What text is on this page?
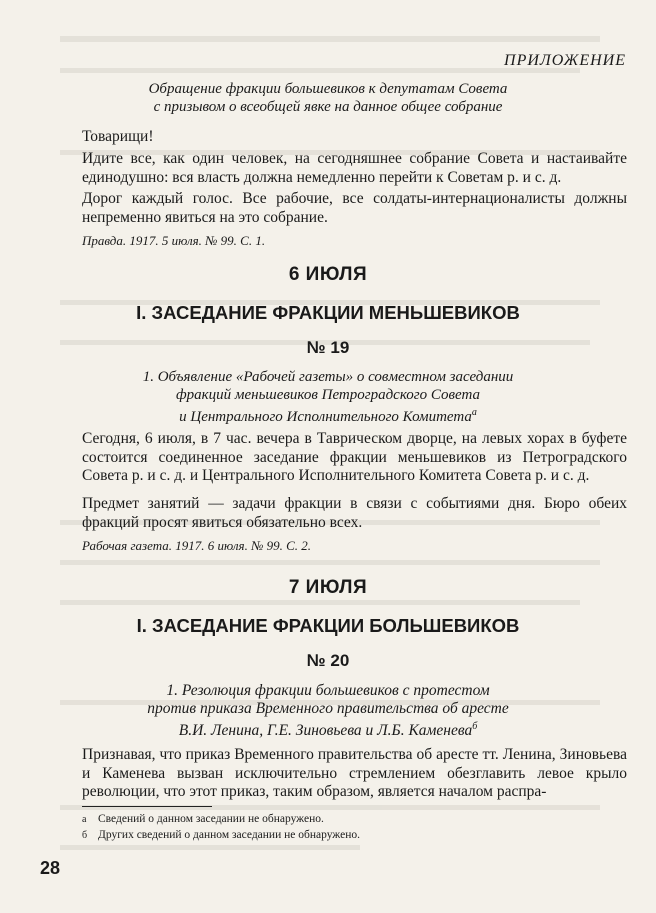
ПРИЛОЖЕНИЕ
Обращение фракции большевиков к депутатам Совета
с призывом о всеобщей явке на данное общее собрание
Товарищи!
Идите все, как один человек, на сегодняшнее собрание Совета и настаивайте единодушно: вся власть должна немедленно перейти к Советам р. и с. д.
Дорог каждый голос. Все рабочие, все солдаты-интернационалисты должны непременно явиться на это собрание.
Правда. 1917. 5 июля. № 99. С. 1.
6 ИЮЛЯ
I. ЗАСЕДАНИЕ ФРАКЦИИ МЕНЬШЕВИКОВ
№ 19
1. Объявление «Рабочей газеты» о совместном заседании
фракций меньшевиков Петроградского Совета
и Центрального Исполнительного Комитета$^а$
Сегодня, 6 июля, в 7 час. вечера в Таврическом дворце, на левых хорах в буфете состоится соединенное заседание фракции меньшевиков из Петроградского Совета р. и с. д. и Центрального Исполнительного Комитета Совета р. и с. д.
Предмет занятий — задачи фракции в связи с событиями дня. Бюро обеих фракций просят явиться обязательно всех.
Рабочая газета. 1917. 6 июля. № 99. С. 2.
7 ИЮЛЯ
I. ЗАСЕДАНИЕ ФРАКЦИИ БОЛЬШЕВИКОВ
№ 20
1. Резолюция фракции большевиков с протестом
против приказа Временного правительства об аресте
В.И. Ленина, Г.Е. Зиновьева и Л.Б. Каменева$^б$
Признавая, что приказ Временного правительства об аресте тт. Ленина, Зиновьева и Каменева вызван исключительно стремлением обезглавить левое крыло революции, что этот приказ, таким образом, является началом распра-
а Сведений о данном заседании не обнаружено.
б Других сведений о данном заседании не обнаружено.
28
